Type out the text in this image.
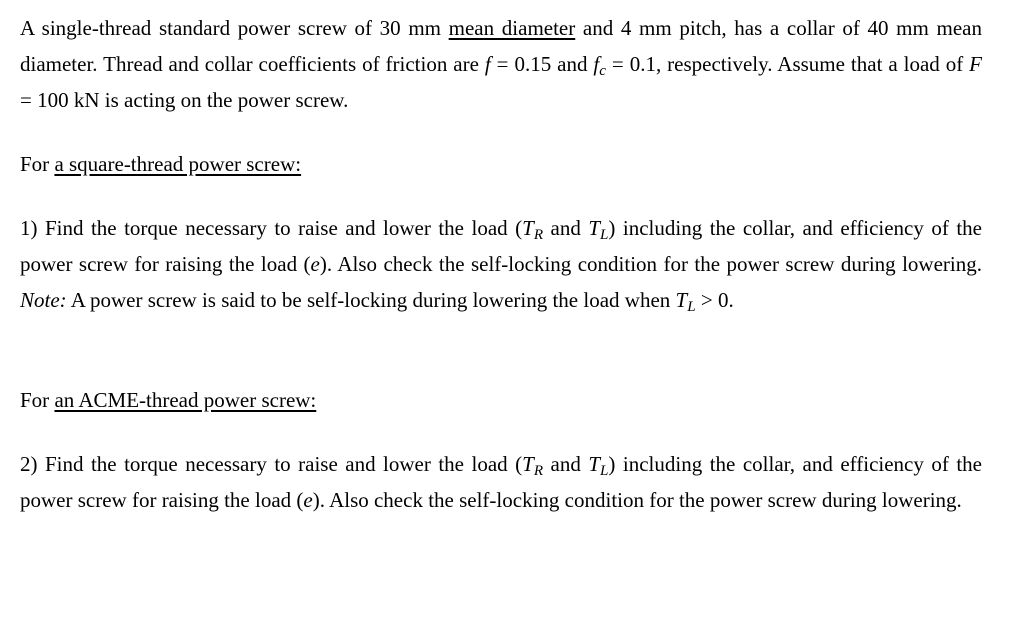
A single-thread standard power screw of 30 mm mean diameter and 4 mm pitch, has a collar of 40 mm mean diameter. Thread and collar coefficients of friction are f = 0.15 and $f_c = 0.1$, respectively. Assume that a load of F = 100 kN is acting on the power screw.

For a square-thread power screw:

1) Find the torque necessary to raise and lower the load ($T_R$ and $T_L$) including the collar, and efficiency of the power screw for raising the load (e). Also check the self-locking condition for the power screw during lowering. Note: A power screw is said to be self-locking during lowering the load when $T_L > 0$.

For an ACME-thread power screw:

2) Find the torque necessary to raise and lower the load ($T_R$ and $T_L$) including the collar, and efficiency of the power screw for raising the load (e). Also check the self-locking condition for the power screw during lowering.
